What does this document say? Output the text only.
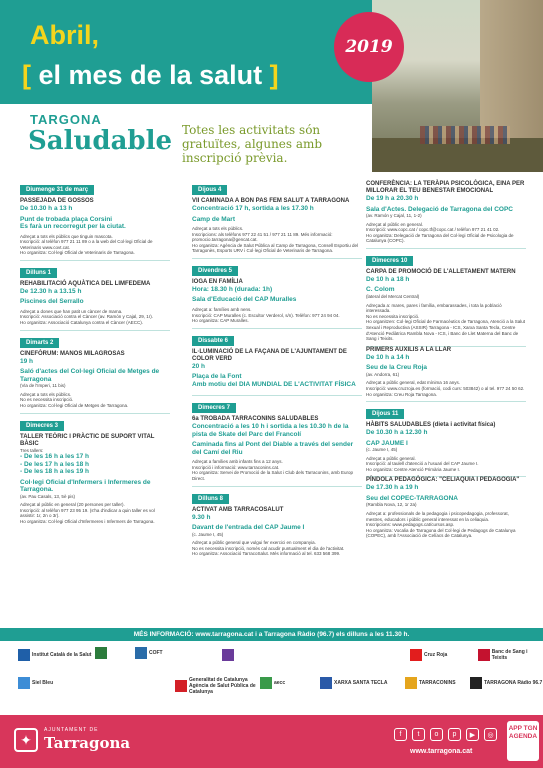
Abril,
[ el mes de la salut ]
2019
TARGONA
Saludable Totes les activitats són gratuïtes, algunes amb inscripció prèvia.
Diumenge 31 de març
PASSEJADA DE GOSSOS
De 10.30 h a 13 h
Punt de trobada plaça Corsini
Es farà un recorregut per la ciutat.
Adreçat a tots els públics que tinguin mascota.
Inscripció: al telèfon 977 21 11 89 o a la web del Col·legi Oficial de Veterinaris www.covt.cat.
Ho organitza: Col·legi Oficial de Veterinaris de Tarragona.
Dilluns 1
REHABILITACIÓ AQUÀTICA DEL LIMFEDEMA
De 12.30 h a 13.15 h
Piscines del Serrallo
Adreçat a dones que han patit un càncer de mama.
Inscripció: Associació contra el Càncer (av. Ramón y Cajal, 29, 1r).
Ho organitza: Associació Catalunya contra el Càncer (AECC).
Dimarts 2
CINEFÒRUM: MANOS MILAGROSAS
19 h
Saló d'actes del Col·legi Oficial de Metges de Tarragona
(Via de l'Imperi, 11 bis)
Adreçat a tots els públics.
No es necessita inscripció.
Ho organitza: Col·legi Oficial de Metges de Tarragona.
Dimecres 3
TALLER TEÒRIC I PRÀCTIC DE SUPORT VITAL BÀSIC
Tres tallers:
- De les 16 h a les 17 h
- De les 17 h a les 18 h
- De les 18 h a les 19 h
Col·legi Oficial d'Infermers i Infermeres de Tarragona.
(av. Pau Casals, 13, 5è pis)
Adreçat al públic en general (20 persones per taller).
Inscripció: al telèfon 977 23 95 19. (s'ha d'indicar a quin taller es vol assistir: 1r, 2n o 3r).
Ho organitza: Col·legi Oficial d'Infermeres i Infermers de Tarragona.
Dijous 4
VII CAMINADA A BON PAS FEM SALUT A TARRAGONA
Concentració 17 h, sortida a les 17.30 h
Camp de Mart
Adreçat a tots els públics.
Inscripcions: als telèfons 977 22 41 51 / 977 21 11 89. Més informació: promocio.tarragona@gencat.cat.
Ho organitza: Agència de Salut Pública al Camp de Tarragona, Consell Esportiu del Tarragonès, Esports URV i Col·legi Oficial de Veterinaris de Tarragona.
Divendres 5
IOGA EN FAMÍLIA
Hora: 18.30 h (durada: 1h)
Sala d'Educació del CAP Muralles
Adreçat a: famílies amb nens.
Inscripció: CAP Muralles (c. Escultor Verderol, s/n). Telèfon: 977 24 94 04.
Ho organitza: CAP Muralles.
Dissabte 6
IL·LUMINACIÓ DE LA FAÇANA DE L'AJUNTAMENT DE COLOR VERD
20 h
Plaça de la Font
Amb motiu del DIA MUNDIAL DE L'ACTIVITAT FÍSICA
Dimecres 7
6a TROBADA TARRACONINS SALUDABLES
Concentració a les 10 h i sortida a les 10.30 h de la pista de Skate del Parc del Francolí
Caminada fins al Pont del Diable a través del sender del Camí del Riu
Adreçat a famílies amb infants fins a 12 anys.
Inscripció i informació: www.tarraconins.cat.
Ho organitza: Servei de Promoció de la Salut i Club dels Tarraconins, amb Europ Direct.
Dilluns 8
ACTIVAT AMB TARRACOSALUT
9.30 h
Davant de l'entrada del CAP Jaume I
(c. Jaume I, 45)
Adreçat a públic general que vulgui fer exercici en companyia.
No es necessita inscripció, només cal acudir puntualment el dia de l'activitat.
Ho organitza: Associació TarracoSalut. Més informació al tel. 633 568 399.
CONFERÈNCIA: LA TERÀPIA PSICOLÒGICA, EINA PER MILLORAR EL TEU BENESTAR EMOCIONAL
De 19 h a 20.30 h
Sala d'Actes. Delegació de Tarragona del COPC
(av. Ramón y Cajal, 11, 1-2)
Adreçat al públic en general.
Inscripció: www.copc.cat / copc.tf@copc.cat / telèfon 977 21 41 02.
Ho organitza: Delegació de Tarragona del Col·legi Oficial de Psicologia de Catalunya (COPC).
Dimecres 10
CARPA DE PROMOCIÓ DE L'ALLETAMENT MATERN
De 10 h a 18 h
C. Colom
(lateral del Mercat Central)
Adreçada a: mares, pares i família, embarassades, i tota la població interessada.
No es necessita inscripció.
Ho organitzen: Col·legi Oficial de Farmacèutics de Tarragona, Atenció a la Salut Sexual i Reproductiva (ASSIR) Tarragona - ICS, Xarxa Santa Tecla, Centre d'Atenció Pediàtrica Rambla Nova - ICS, i Banc de Llet Materna del Banc de Sang i Teixits.
PRIMERS AUXILIS A LA LLAR
De 10 h a 14 h
Seu de la Creu Roja
(av. Andorra, 61)
Adreçat a públic general, edat mínima 16 anys.
Inscripció: www.cruzroja.es (formació, codi curs: 503842) o al tel. 977 24 50 62.
Ho organitza: Creu Roja Tarragona.
Dijous 11
HÀBITS SALUDABLES (dieta i activitat física)
De 10.30 h a 12.30 h
CAP JAUME I
(c. Jaume I, 45)
Adreçat a públic general.
Inscripció: al taulell d'atenció a l'usuari del CAP Jaume I.
Ho organitza: Centre Atenció Primària Jaume I.
PÍNDOLA PEDAGÒGICA: "CELIAQUIA I PEDAGOGIA"
De 17.30 h a 19 h
Seu del COPEC-TARRAGONA
(Rambla Nova, 12, 1r 2a)
Adreçat a: professionals de la pedagogia i psicopedagogia, professorat, mestres, educadors i públic general interessat en la celiaquia.
Inscripcions: www.pedagogs.cat/cursos.asp.
Ho organitza: Vocalia de Tarragona del Col·legi de Pedagogs de Catalunya (COPEC), amb l'Associació de Celíacs de Catalunya.
MÉS INFORMACIÓ: www.tarragona.cat i a Tarragona Ràdio (96.7) els dilluns a les 11.30 h.
Institut Català de la Salut	COFT	Cruz Roja	Banc de Sang i Teixits
Siel Bleu	Generalitat de Catalunya Agència de Salut Pública de Catalunya
aecc	XARXA SANTA TECLA	TARRACONINS	TARRAGONA Ràdio 96.7
✦
AJUNTAMENT DE
Tarragona	f	t	o	p	▶	◎
www.tarragona.cat
APP TGN AGENDA
